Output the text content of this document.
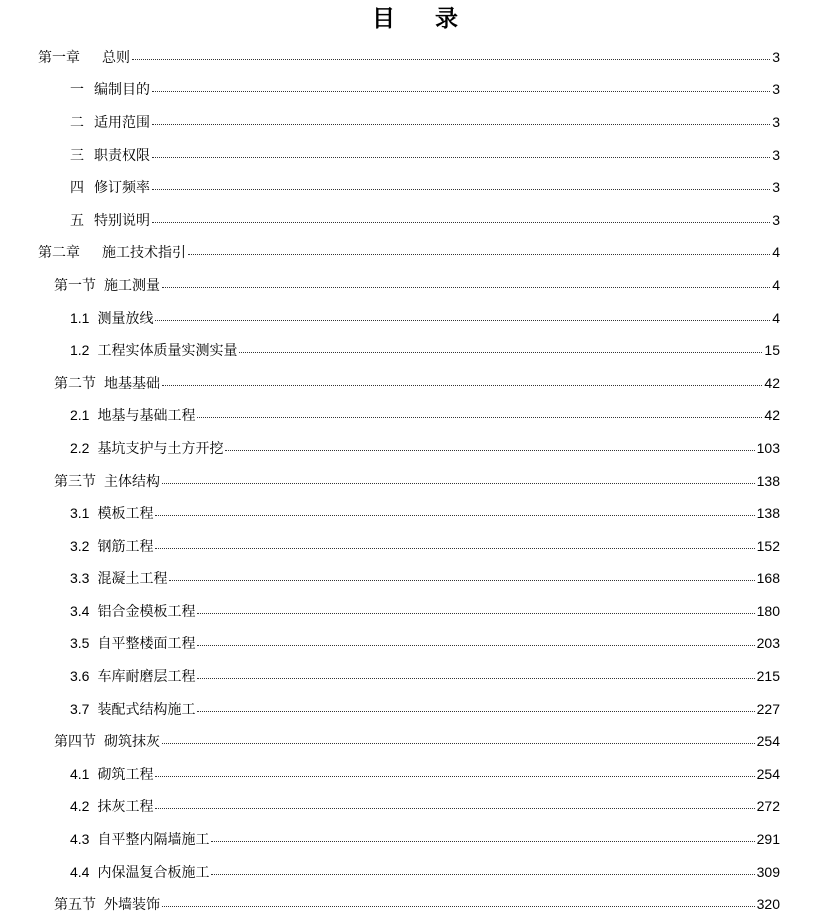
目 录
第一章 总则	3
一 编制目的	3
二 适用范围	3
三 职责权限	3
四 修订频率	3
五 特别说明	3
第二章 施工技术指引	4
第一节 施工测量	4
1.1 测量放线	4
1.2 工程实体质量实测实量	15
第二节 地基基础	42
2.1 地基与基础工程	42
2.2 基坑支护与土方开挖	103
第三节 主体结构	138
3.1 模板工程	138
3.2 钢筋工程	152
3.3 混凝土工程	168
3.4 铝合金模板工程	180
3.5 自平整楼面工程	203
3.6 车库耐磨层工程	215
3.7 装配式结构施工	227
第四节 砌筑抹灰	254
4.1 砌筑工程	254
4.2 抹灰工程	272
4.3 自平整内隔墙施工	291
4.4 内保温复合板施工	309
第五节 外墙装饰	320
